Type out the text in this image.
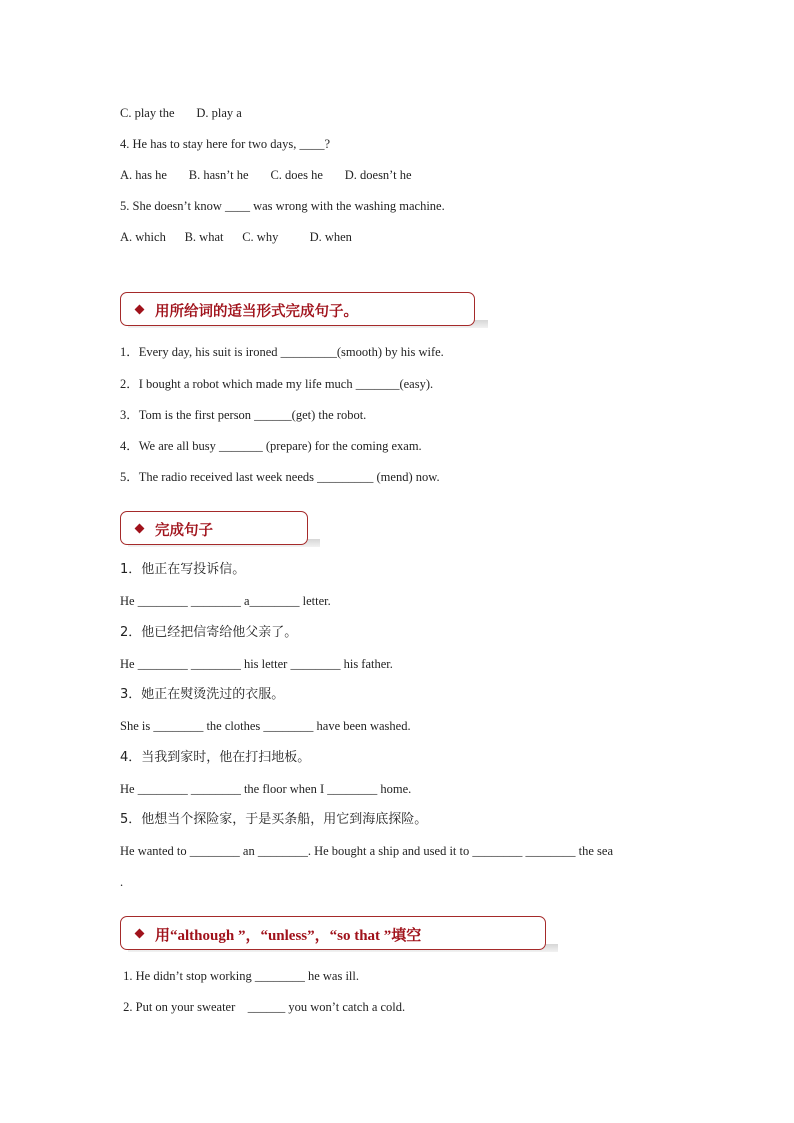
C. play the       D. play a
4. He has to stay here for two days, ____?
A. has he       B. hasn’t he       C. does he       D. doesn’t he
5. She doesn’t know ____ was wrong with the washing machine.
A. which      B. what      C. why          D. when
用所给词的适当形式完成句子。
1．Every day, his suit is ironed _________(smooth) by his wife.
2．I bought a robot which made my life much _______(easy).
3．Tom is the first person ______(get) the robot.
4．We are all busy _______ (prepare) for the coming exam.
5．The radio received last week needs _________ (mend) now.
完成句子
1．他正在写投诉信。
He ________ ________ a________ letter.
2．他已经把信寄给他父亲了。
He ________ ________ his letter ________ his father.
3．她正在熨烫洗过的衣服。
She is ________ the clothes ________ have been washed.
4．当我到家时，他在打扫地板。
He ________ ________ the floor when I ________ home.
5．他想当个探险家，于是买条船，用它到海底探险。
He wanted to ________ an ________. He bought a ship and used it to ________ ________ the sea
.
用“although ”，“unless”，“so that ”填空
1. He didn’t stop working ________ he was ill.
2. Put on your sweater    ______ you won’t catch a cold.
